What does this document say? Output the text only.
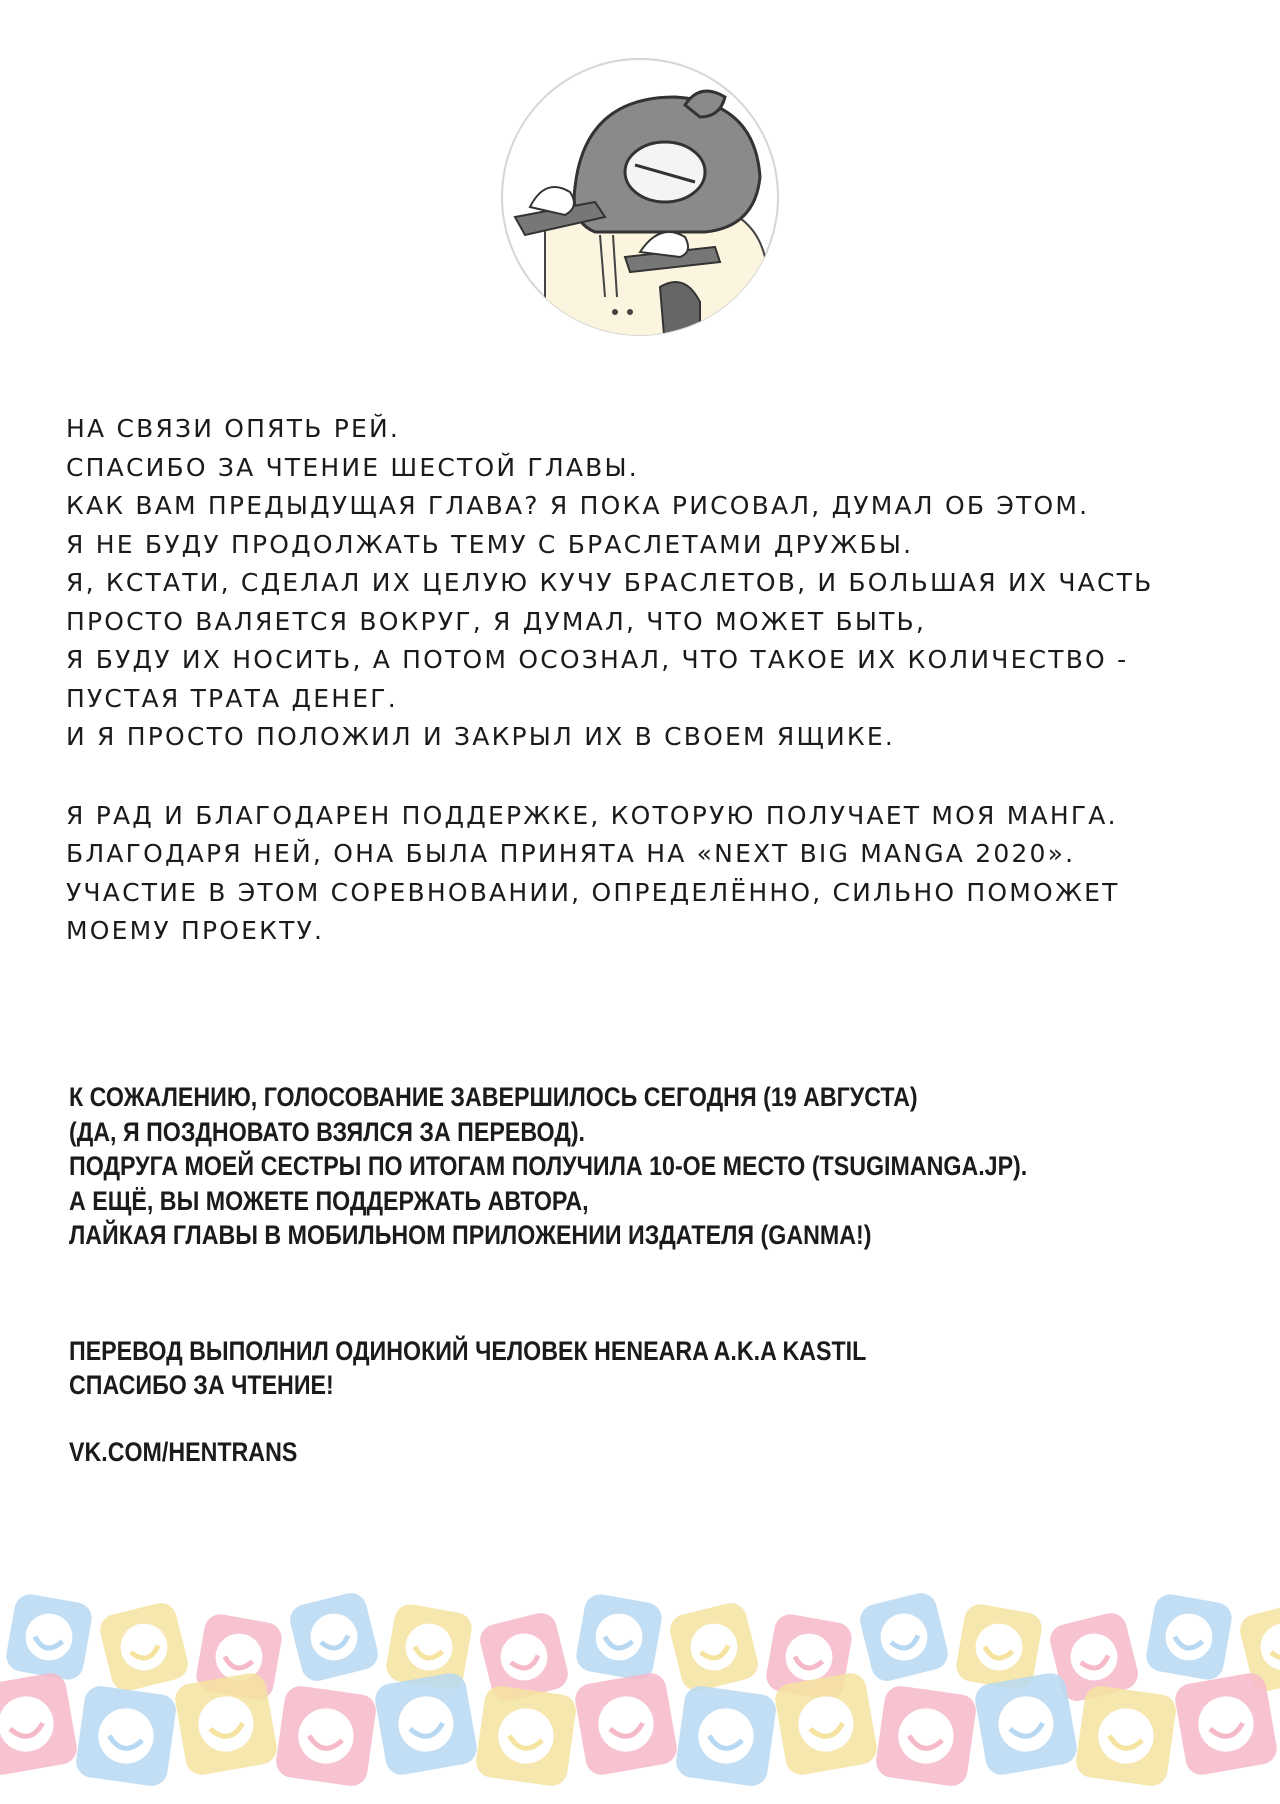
НА СВЯЗИ ОПЯТЬ РЕЙ.

СПАСИБО ЗА ЧТЕНИЕ ШЕСТОЙ ГЛАВЫ.

КАК ВАМ ПРЕДЫДУЩАЯ ГЛАВА? Я ПОКА РИСОВАЛ, ДУМАЛ ОБ ЭТОМ.

Я НЕ БУДУ ПРОДОЛЖАТЬ ТЕМУ С БРАСЛЕТАМИ ДРУЖБЫ.

Я, КСТАТИ, СДЕЛАЛ ИХ ЦЕЛУЮ КУЧУ БРАСЛЕТОВ, И БОЛЬШАЯ ИХ ЧАСТЬ

ПРОСТО ВАЛЯЕТСЯ ВОКРУГ, Я ДУМАЛ, ЧТО МОЖЕТ БЫТЬ,

Я БУДУ ИХ НОСИТЬ, А ПОТОМ ОСОЗНАЛ, ЧТО ТАКОЕ ИХ КОЛИЧЕСТВО -

ПУСТАЯ ТРАТА ДЕНЕГ.

И Я ПРОСТО ПОЛОЖИЛ И ЗАКРЫЛ ИХ В СВОЕМ ЯЩИКЕ.

Я РАД И БЛАГОДАРЕН ПОДДЕРЖКЕ, КОТОРУЮ ПОЛУЧАЕТ МОЯ МАНГА.

БЛАГОДАРЯ НЕЙ, ОНА БЫЛА ПРИНЯТА НА «NEXT BIG MANGA 2020».

УЧАСТИЕ В ЭТОМ СОРЕВНОВАНИИ, ОПРЕДЕЛЁННО, СИЛЬНО ПОМОЖЕТ

МОЕМУ ПРОЕКТУ.

К СОЖАЛЕНИЮ, ГОЛОСОВАНИЕ ЗАВЕРШИЛОСЬ СЕГОДНЯ (19 АВГУСТА)

(ДА, Я ПОЗДНОВАТО ВЗЯЛСЯ ЗА ПЕРЕВОД).

ПОДРУГА МОЕЙ СЕСТРЫ ПО ИТОГАМ ПОЛУЧИЛА 10-ОЕ МЕСТО (TSUGIMANGA.JP).

А ЕЩЁ, ВЫ МОЖЕТЕ ПОДДЕРЖАТЬ АВТОРА,

ЛАЙКАЯ ГЛАВЫ В МОБИЛЬНОМ ПРИЛОЖЕНИИ ИЗДАТЕЛЯ (GANMA!)

ПЕРЕВОД ВЫПОЛНИЛ ОДИНОКИЙ ЧЕЛОВЕК HENEARA A.K.A KASTIL

СПАСИБО ЗА ЧТЕНИЕ!

VK.COM/HENTRANS
